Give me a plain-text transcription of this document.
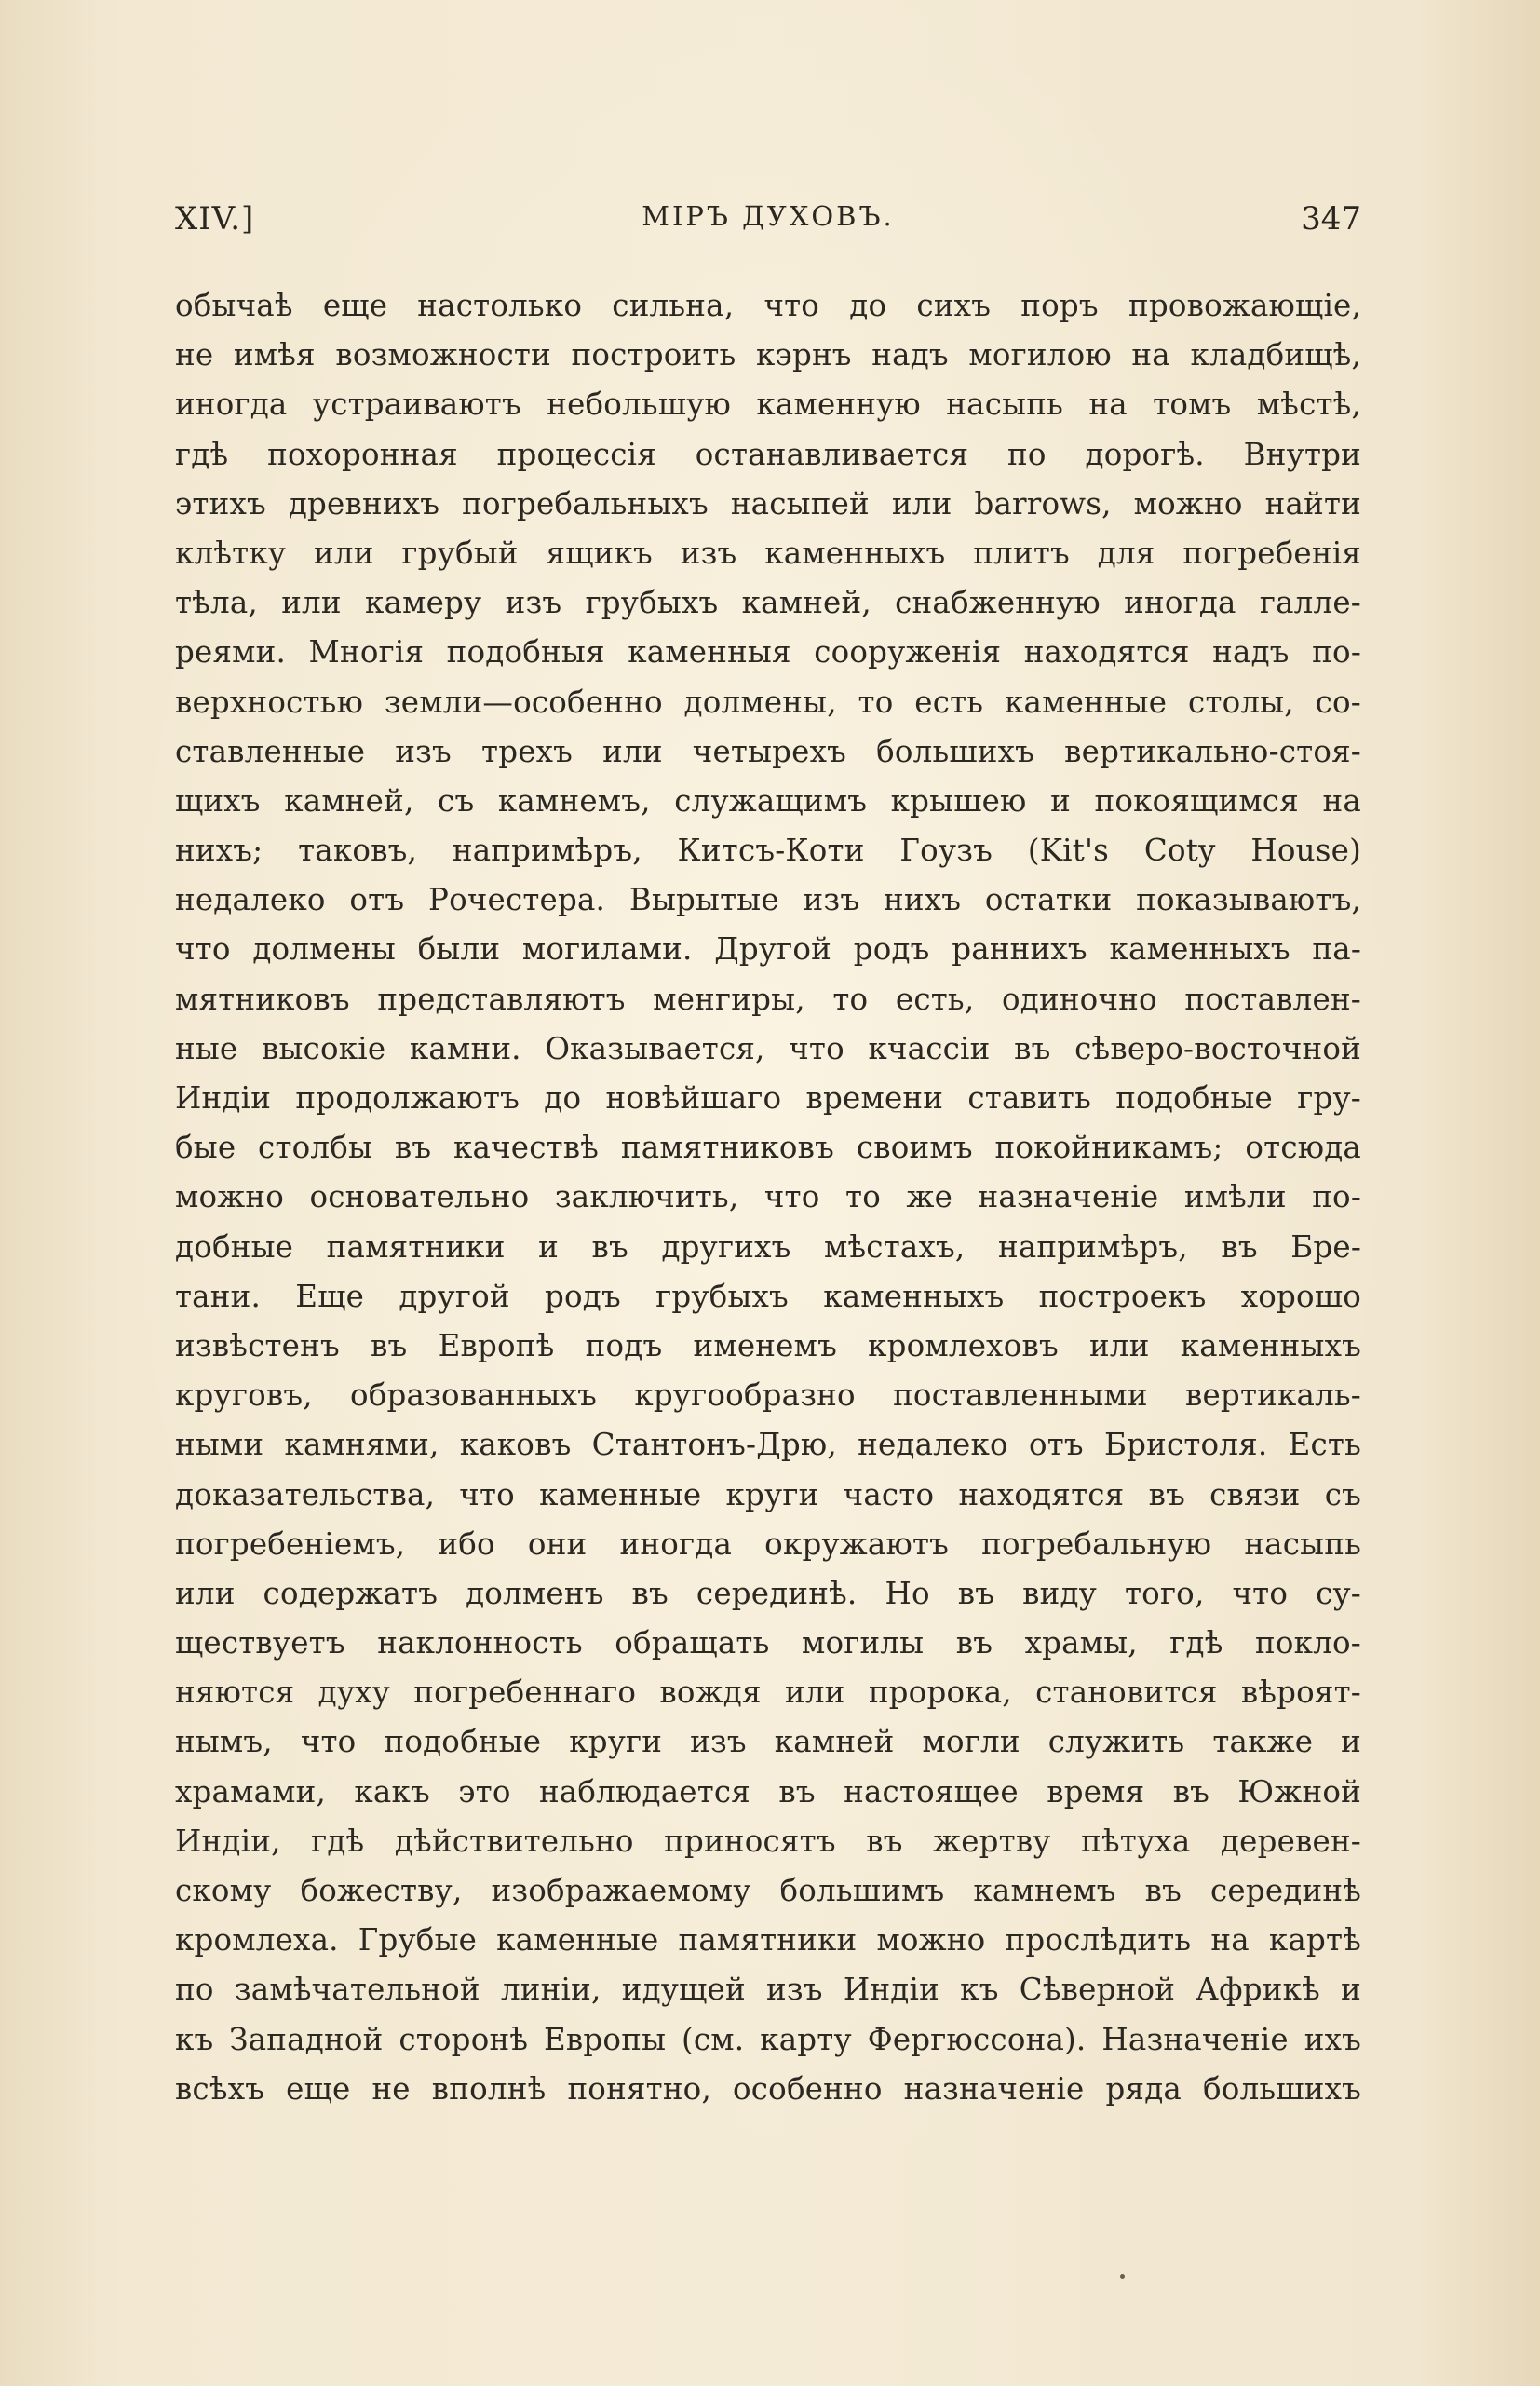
XIV.]	МІРЪ ДУХОВЪ.	347
обычаѣ еще настолько сильна, что до сихъ поръ провожающіе,
не имѣя возможности построить кэрнъ надъ могилою на кладбищѣ,
иногда устраиваютъ небольшую каменную насыпь на томъ мѣстѣ,
гдѣ похоронная процессія останавливается по дорогѣ. Внутри
этихъ древнихъ погребальныхъ насыпей или barrows, можно найти
клѣтку или грубый ящикъ изъ каменныхъ плитъ для погребенія
тѣла, или камеру изъ грубыхъ камней, снабженную иногда галле-
реями. Многія подобныя каменныя сооруженія находятся надъ по-
верхностью земли—особенно долмены, то есть каменные столы, со-
ставленные изъ трехъ или четырехъ большихъ вертикально-стоя-
щихъ камней, съ камнемъ, служащимъ крышею и покоящимся на
нихъ; таковъ, напримѣръ, Китсъ-Коти Гоузъ (Kit's Coty House)
недалеко отъ Рочестера. Вырытые изъ нихъ остатки показываютъ,
что долмены были могилами. Другой родъ раннихъ каменныхъ па-
мятниковъ представляютъ менгиры, то есть, одиночно поставлен-
ные высокіе камни. Оказывается, что кчассіи въ сѣверо-восточной
Индіи продолжаютъ до новѣйшаго времени ставить подобные гру-
бые столбы въ качествѣ памятниковъ своимъ покойникамъ; отсюда
можно основательно заключить, что то же назначеніе имѣли по-
добные памятники и въ другихъ мѣстахъ, напримѣръ, въ Бре-
тани. Еще другой родъ грубыхъ каменныхъ построекъ хорошо
извѣстенъ въ Европѣ подъ именемъ кромлеховъ или каменныхъ
круговъ, образованныхъ кругообразно поставленными вертикаль-
ными камнями, каковъ Стантонъ-Дрю, недалеко отъ Бристоля. Есть
доказательства, что каменные круги часто находятся въ связи съ
погребеніемъ, ибо они иногда окружаютъ погребальную насыпь
или содержатъ долменъ въ серединѣ. Но въ виду того, что су-
ществуетъ наклонность обращать могилы въ храмы, гдѣ покло-
няются духу погребеннаго вождя или пророка, становится вѣроят-
нымъ, что подобные круги изъ камней могли служить также и
храмами, какъ это наблюдается въ настоящее время въ Южной
Индіи, гдѣ дѣйствительно приносятъ въ жертву пѣтуха деревен-
скому божеству, изображаемому большимъ камнемъ въ серединѣ
кромлеха. Грубые каменные памятники можно прослѣдить на картѣ
по замѣчательной линіи, идущей изъ Индіи къ Сѣверной Африкѣ и
къ Западной сторонѣ Европы (см. карту Фергюссона). Назначеніе ихъ
всѣхъ еще не вполнѣ понятно, особенно назначеніе ряда большихъ
